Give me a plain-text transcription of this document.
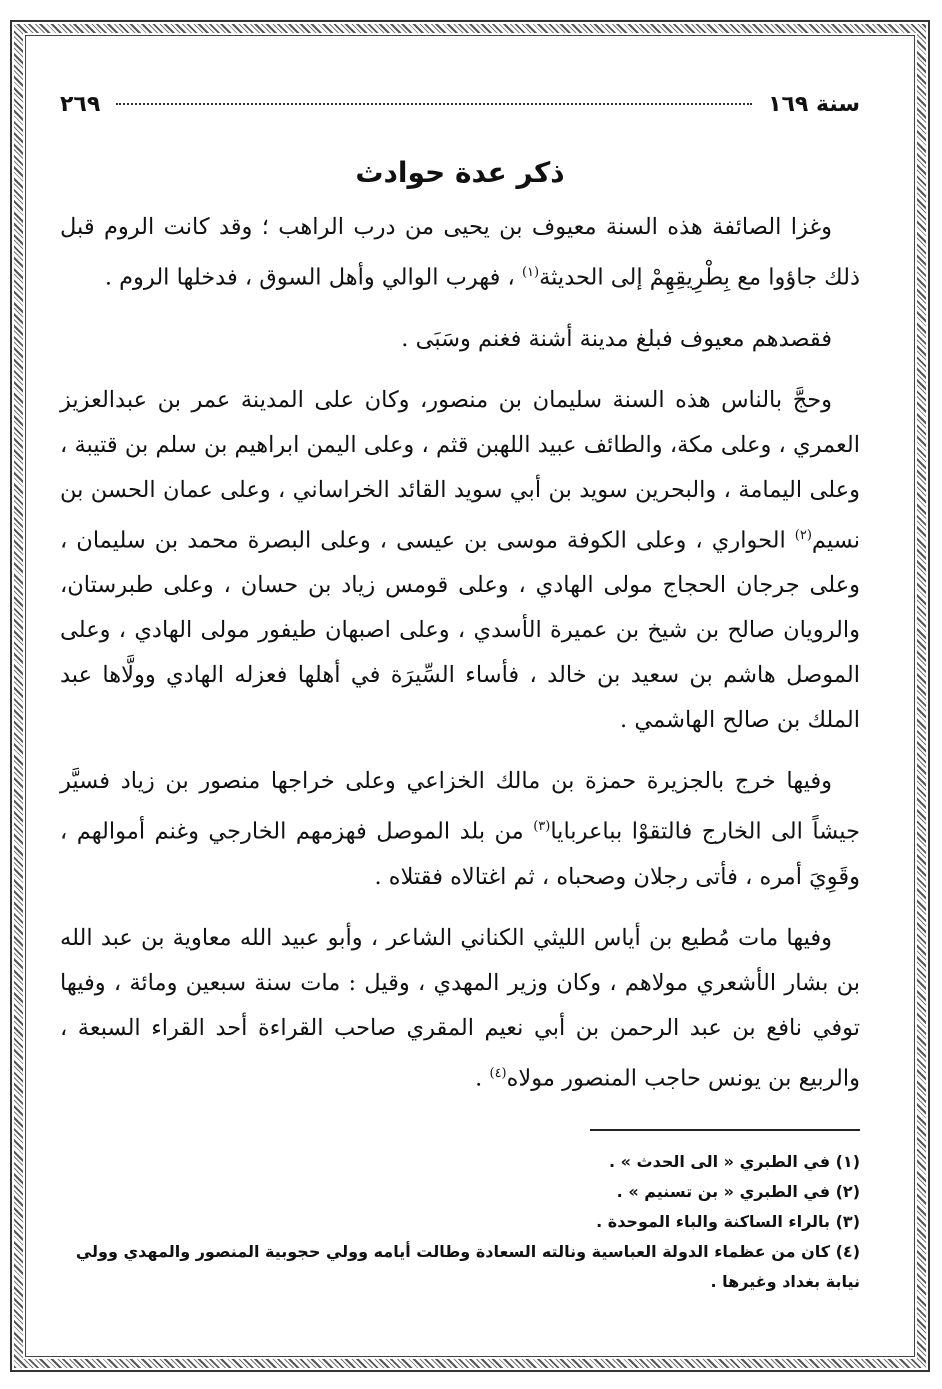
سنة ١٦٩
٢٦٩
ذكر عدة حوادث

وغزا الصائفة هذه السنة معيوف بن يحيى من درب الراهب ؛ وقد كانت الروم قبل ذلك جاؤوا مع بِطْرِيقِهِمْ إلى الحديثة$^{(١)}$ ، فهرب الوالي وأهل السوق ، فدخلها الروم .

فقصدهم معيوف فبلغ مدينة أشنة فغنم وسَبَى .

وحجَّ بالناس هذه السنة سليمان بن منصور، وكان على المدينة عمر بن عبدالعزيز العمري ، وعلى مكة، والطائف عبيد اللهبن قثم ، وعلى اليمن ابراهيم بن سلم بن قتيبة ، وعلى اليمامة ، والبحرين سويد بن أبي سويد القائد الخراساني ، وعلى عمان الحسن بن نسيم$^{(٢)}$ الحواري ، وعلى الكوفة موسى بن عيسى ، وعلى البصرة محمد بن سليمان ، وعلى جرجان الحجاج مولى الهادي ، وعلى قومس زياد بن حسان ، وعلى طبرستان، والرويان صالح بن شيخ بن عميرة الأسدي ، وعلى اصبهان طيفور مولى الهادي ، وعلى الموصل هاشم بن سعيد بن خالد ، فأساء السِّيرَة في أهلها فعزله الهادي وولَّاها عبد الملك بن صالح الهاشمي .

وفيها خرج بالجزيرة حمزة بن مالك الخزاعي وعلى خراجها منصور بن زياد فسيَّر جيشاً الى الخارج فالتقوْا بباعربايا$^{(٣)}$ من بلد الموصل فهزمهم الخارجي وغنم أموالهم ، وقَوِيَ أمره ، فأتى رجلان وصحباه ، ثم اغتالاه فقتلاه .

وفيها مات مُطيع بن أياس الليثي الكناني الشاعر ، وأبو عبيد الله معاوية بن عبد الله بن بشار الأشعري مولاهم ، وكان وزير المهدي ، وقيل : مات سنة سبعين ومائة ، وفيها توفي نافع بن عبد الرحمن بن أبي نعيم المقري صاحب القراءة أحد القراء السبعة ، والربيع بن يونس حاجب المنصور مولاه$^{(٤)}$ .

(١) في الطبري « الى الحدث » .

(٢) في الطبري « بن تسنيم » .

(٣) بالراء الساكنة والباء الموحدة .

(٤) كان من عظماء الدولة العباسية ونالته السعادة وطالت أيامه وولي حجوبية المنصور والمهدي وولي نيابة بغداد وغيرها .
